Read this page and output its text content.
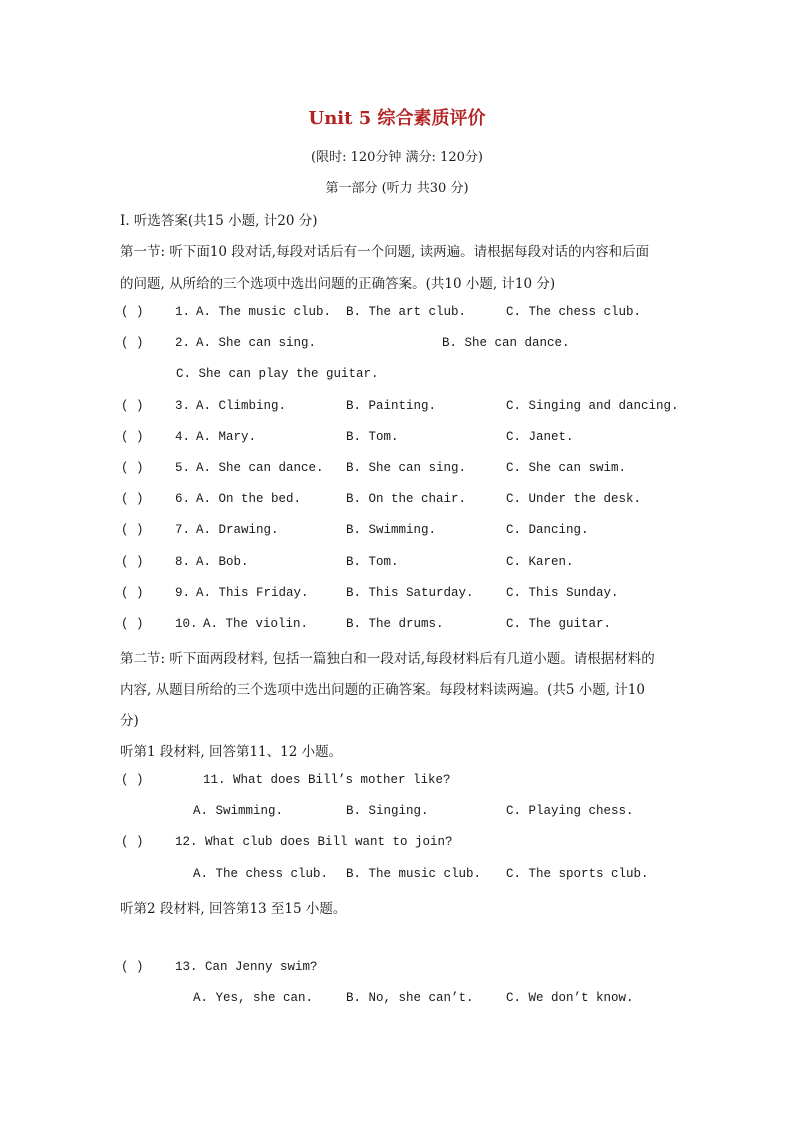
Unit 5 综合素质评价
(限时: 120分钟 满分: 120分)
第一部分 (听力 共30 分)
I. 听选答案(共15 小题, 计20 分)
第一节: 听下面10 段对话,每段对话后有一个问题, 读两遍。请根据每段对话的内容和后面
的问题, 从所给的三个选项中选出问题的正确答案。(共10 小题, 计10 分)
( )	1. A. The music club. B. The art club.	C. The chess club.
( )	2. A. She can sing.	B. She can dance.
C. She can play the guitar.
( )	3. A. Climbing.	B. Painting.	C. Singing and dancing.
( )	4. A. Mary.	B. Tom.	C. Janet.
( )	5. A. She can dance. B. She can sing.	C. She can swim.
( )	6. A. On the bed.	B. On the chair.	C. Under the desk.
( )	7. A. Drawing.	B. Swimming.	C. Dancing.
( )	8. A. Bob.	B. Tom.	C. Karen.
( )	9. A. This Friday.	B. This Saturday.	C. This Sunday.
( )	10. A. The violin.	B. The drums.	C. The guitar.
第二节: 听下面两段材料, 包括一篇独白和一段对话,每段材料后有几道小题。请根据材料的
内容, 从题目所给的三个选项中选出问题的正确答案。每段材料读两遍。(共5 小题, 计10
分)
听第1 段材料, 回答第11、12 小题。
( )	11. What does Bill’s mother like?
A. Swimming.	B. Singing.	C. Playing chess.
( )	12. What club does Bill want to join?
A. The chess club. B. The music club. C. The sports club.
听第2 段材料, 回答第13 至15 小题。
( )	13. Can Jenny swim?
A. Yes, she can.	B. No, she can’t.	C. We don’t know.
